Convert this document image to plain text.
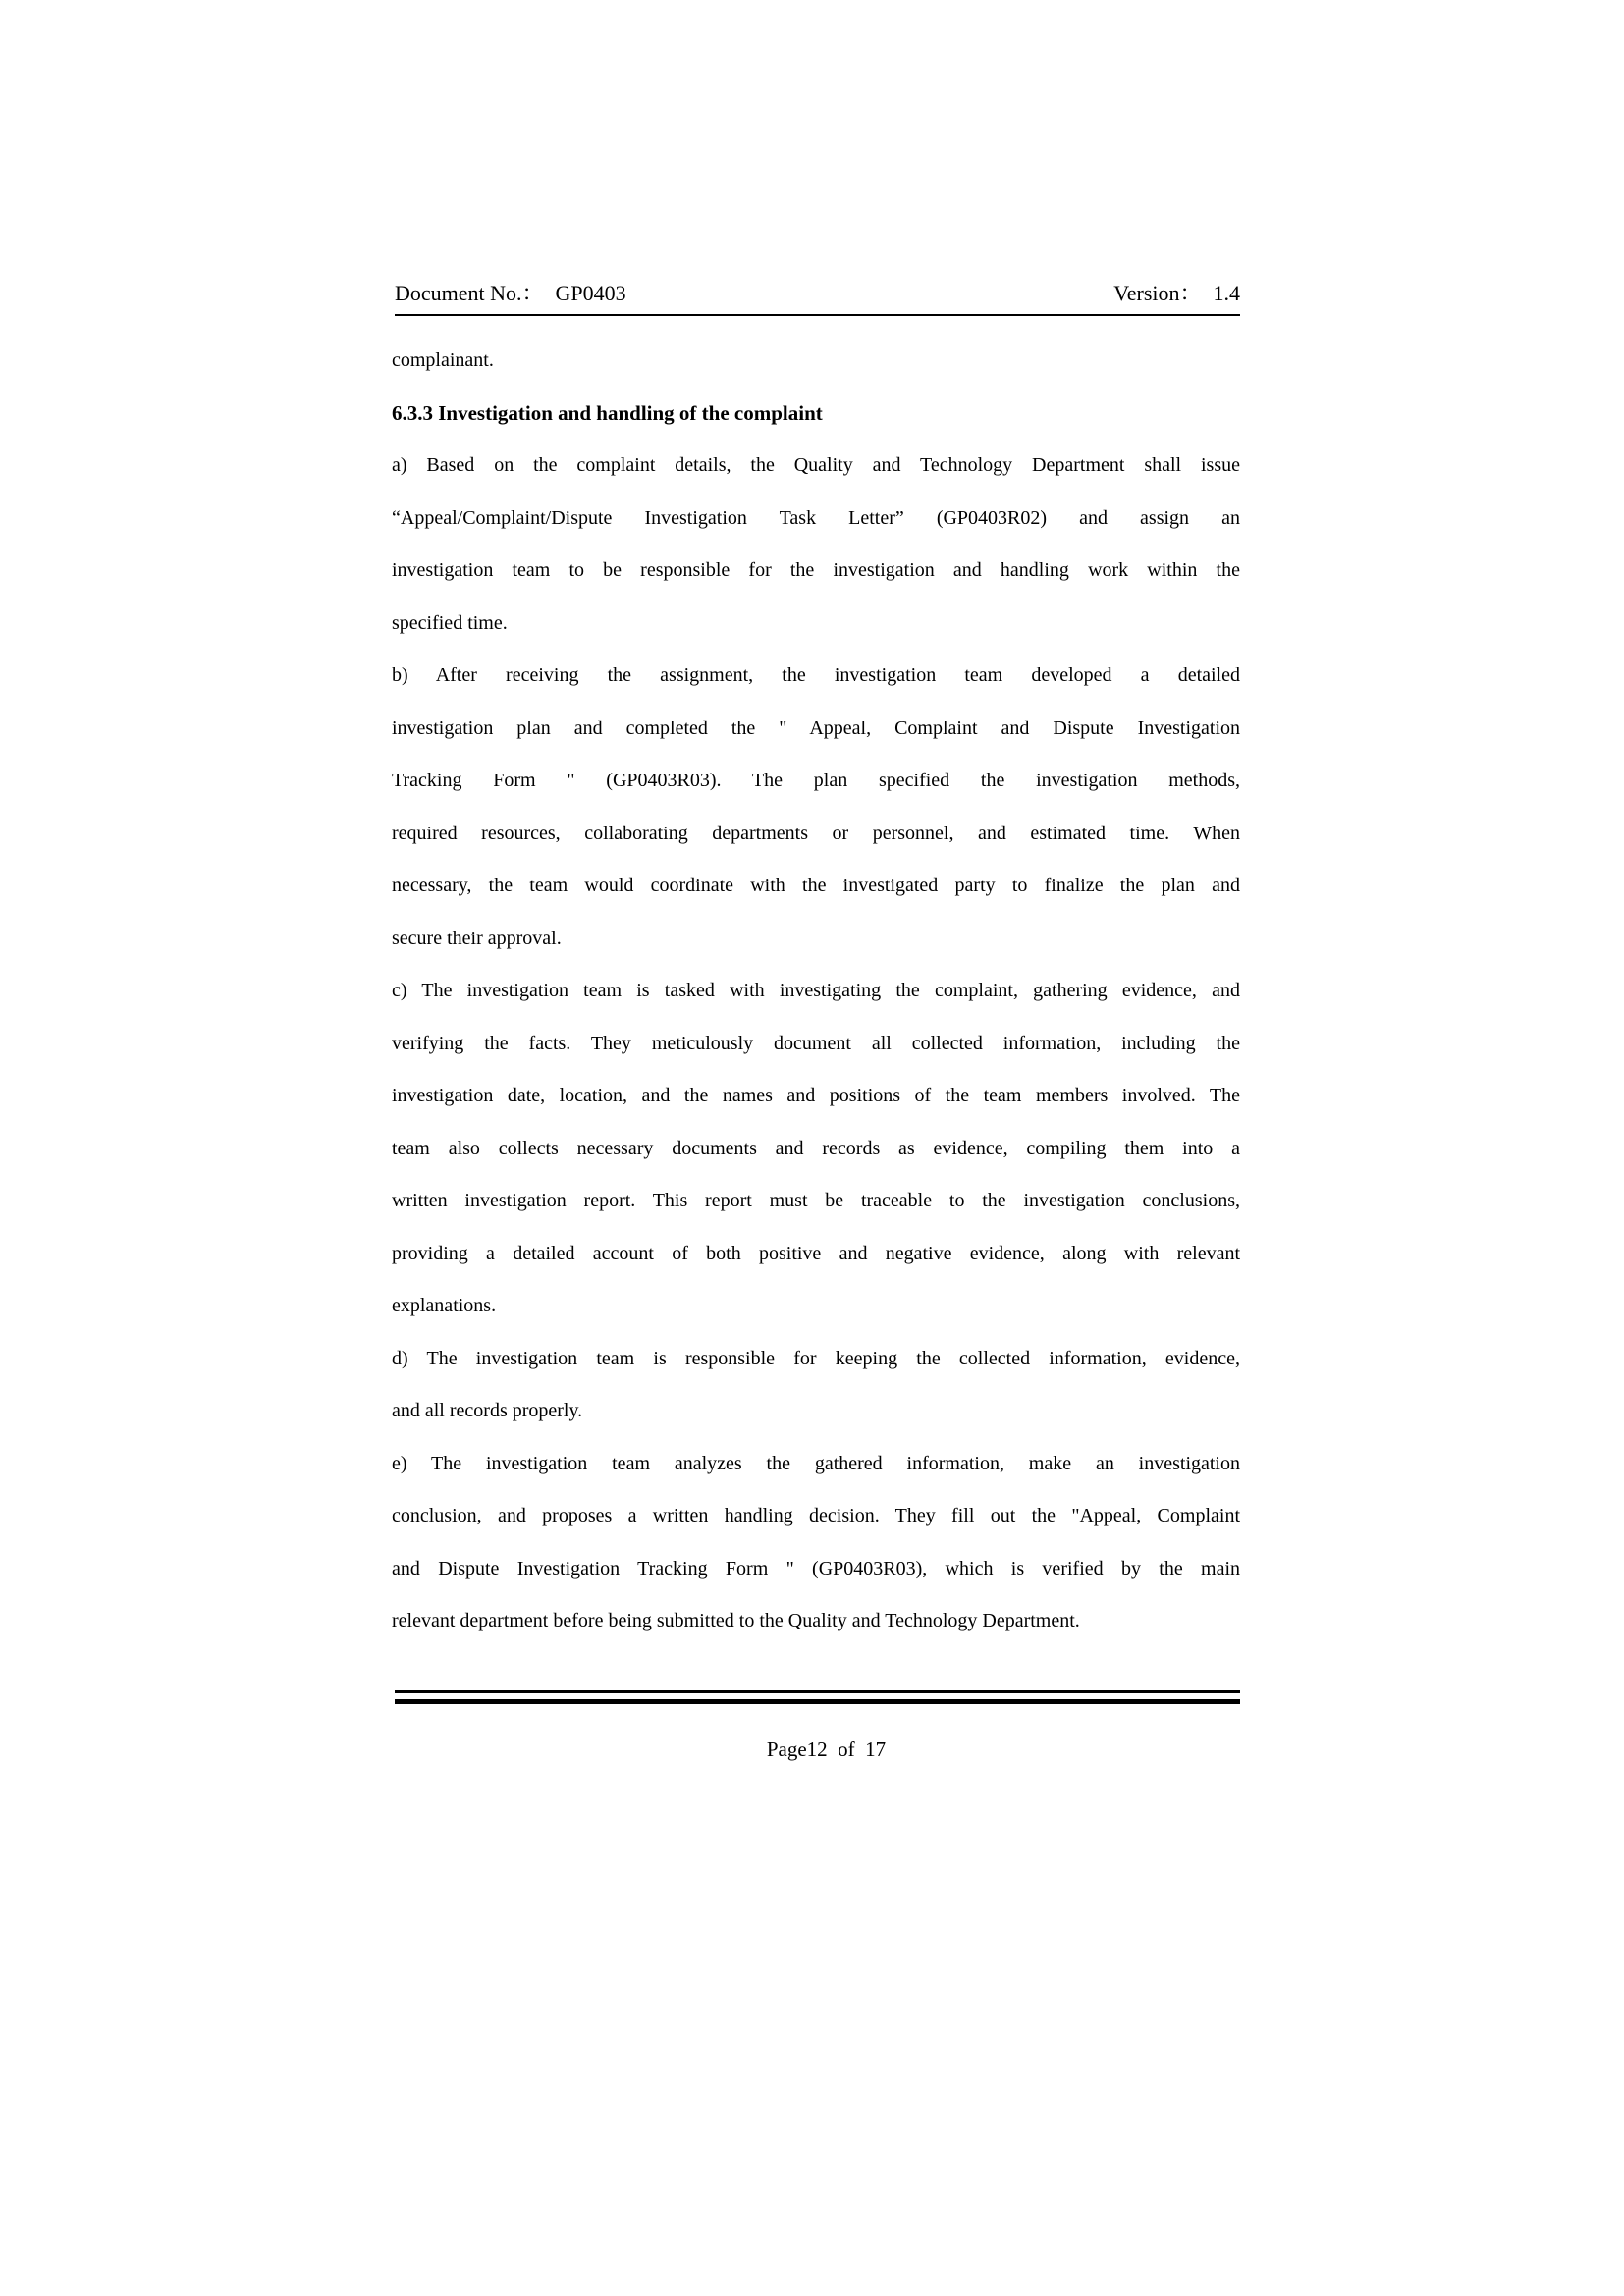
Document No.： GP0403	Version： 1.4
complainant.
6.3.3 Investigation and handling of the complaint
a) Based on the complaint details, the Quality and Technology Department shall issue
“Appeal/Complaint/Dispute Investigation Task Letter” (GP0403R02) and assign an
investigation team to be responsible for the investigation and handling work within the
specified time.
b) After receiving the assignment, the investigation team developed a detailed
investigation plan and completed the " Appeal, Complaint and Dispute Investigation
Tracking Form " (GP0403R03). The plan specified the investigation methods,
required resources, collaborating departments or personnel, and estimated time. When
necessary, the team would coordinate with the investigated party to finalize the plan and
secure their approval.
c) The investigation team is tasked with investigating the complaint, gathering evidence, and
verifying the facts. They meticulously document all collected information, including the
investigation date, location, and the names and positions of the team members involved. The
team also collects necessary documents and records as evidence, compiling them into a
written investigation report. This report must be traceable to the investigation conclusions,
providing a detailed account of both positive and negative evidence, along with relevant
explanations.
d) The investigation team is responsible for keeping the collected information, evidence,
and all records properly.
e) The investigation team analyzes the gathered information, make an investigation
conclusion, and proposes a written handling decision. They fill out the "Appeal, Complaint
and Dispute Investigation Tracking Form " (GP0403R03), which is verified by the main
relevant department before being submitted to the Quality and Technology Department.

Page12  of  17
